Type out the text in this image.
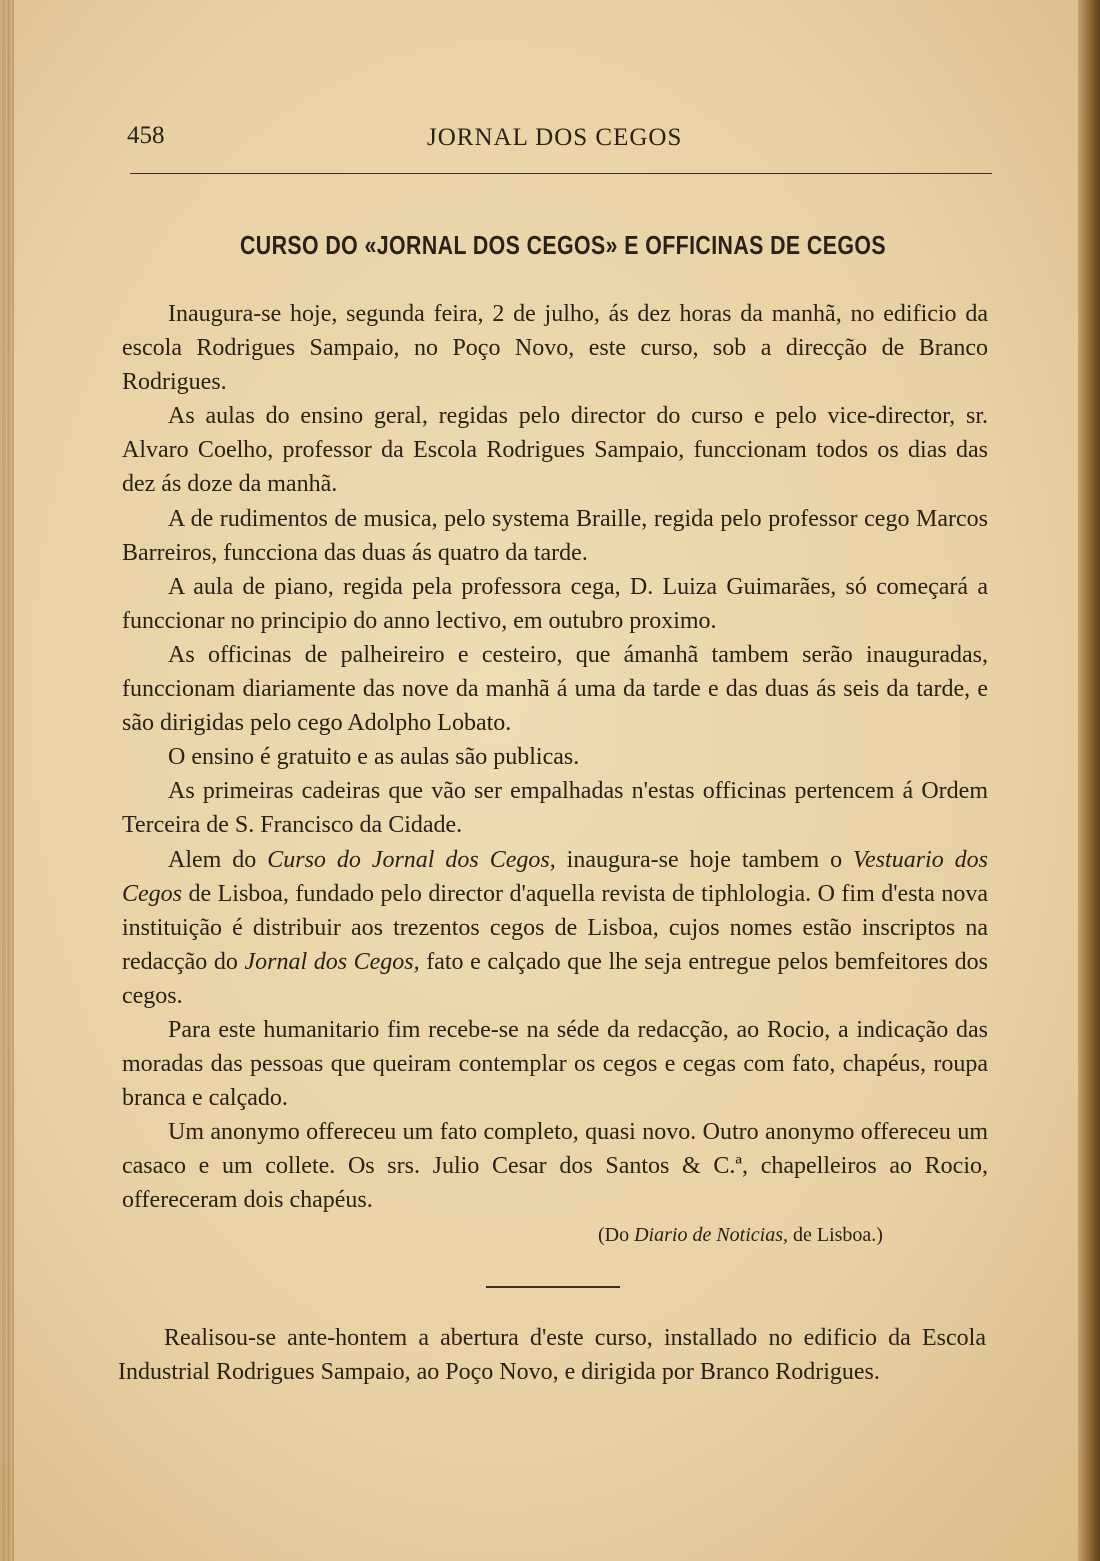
458	JORNAL DOS CEGOS
CURSO DO «JORNAL DOS CEGOS» E OFFICINAS DE CEGOS

Inaugura-se hoje, segunda feira, 2 de julho, ás dez horas da manhã, no edificio da escola Rodrigues Sampaio, no Poço Novo, este curso, sob a direcção de Branco Rodrigues.

As aulas do ensino geral, regidas pelo director do curso e pelo vice-director, sr. Alvaro Coelho, professor da Escola Rodrigues Sampaio, funccionam todos os dias das dez ás doze da manhã.

A de rudimentos de musica, pelo systema Braille, regida pelo professor cego Marcos Barreiros, funcciona das duas ás quatro da tarde.

A aula de piano, regida pela professora cega, D. Luiza Guimarães, só começará a funccionar no principio do anno lectivo, em outubro proximo.

As officinas de palheireiro e cesteiro, que ámanhã tambem serão inauguradas, funccionam diariamente das nove da manhã á uma da tarde e das duas ás seis da tarde, e são dirigidas pelo cego Adolpho Lobato.

O ensino é gratuito e as aulas são publicas.

As primeiras cadeiras que vão ser empalhadas n'estas officinas pertencem á Ordem Terceira de S. Francisco da Cidade.

Alem do Curso do Jornal dos Cegos, inaugura-se hoje tambem o Vestuario dos Cegos de Lisboa, fundado pelo director d'aquella revista de tiphlologia. O fim d'esta nova instituição é distribuir aos trezentos cegos de Lisboa, cujos nomes estão inscriptos na redacção do Jornal dos Cegos, fato e calçado que lhe seja entregue pelos bemfeitores dos cegos.

Para este humanitario fim recebe-se na séde da redacção, ao Rocio, a indicação das moradas das pessoas que queiram contemplar os cegos e cegas com fato, chapéus, roupa branca e calçado.

Um anonymo offereceu um fato completo, quasi novo. Outro anonymo offereceu um casaco e um collete. Os srs. Julio Cesar dos Santos & C.ª, chapelleiros ao Rocio, offereceram dois chapéus.

(Do Diario de Noticias, de Lisboa.)

Realisou-se ante-hontem a abertura d'este curso, installado no edificio da Escola Industrial Rodrigues Sampaio, ao Poço Novo, e dirigida por Branco Rodrigues.
